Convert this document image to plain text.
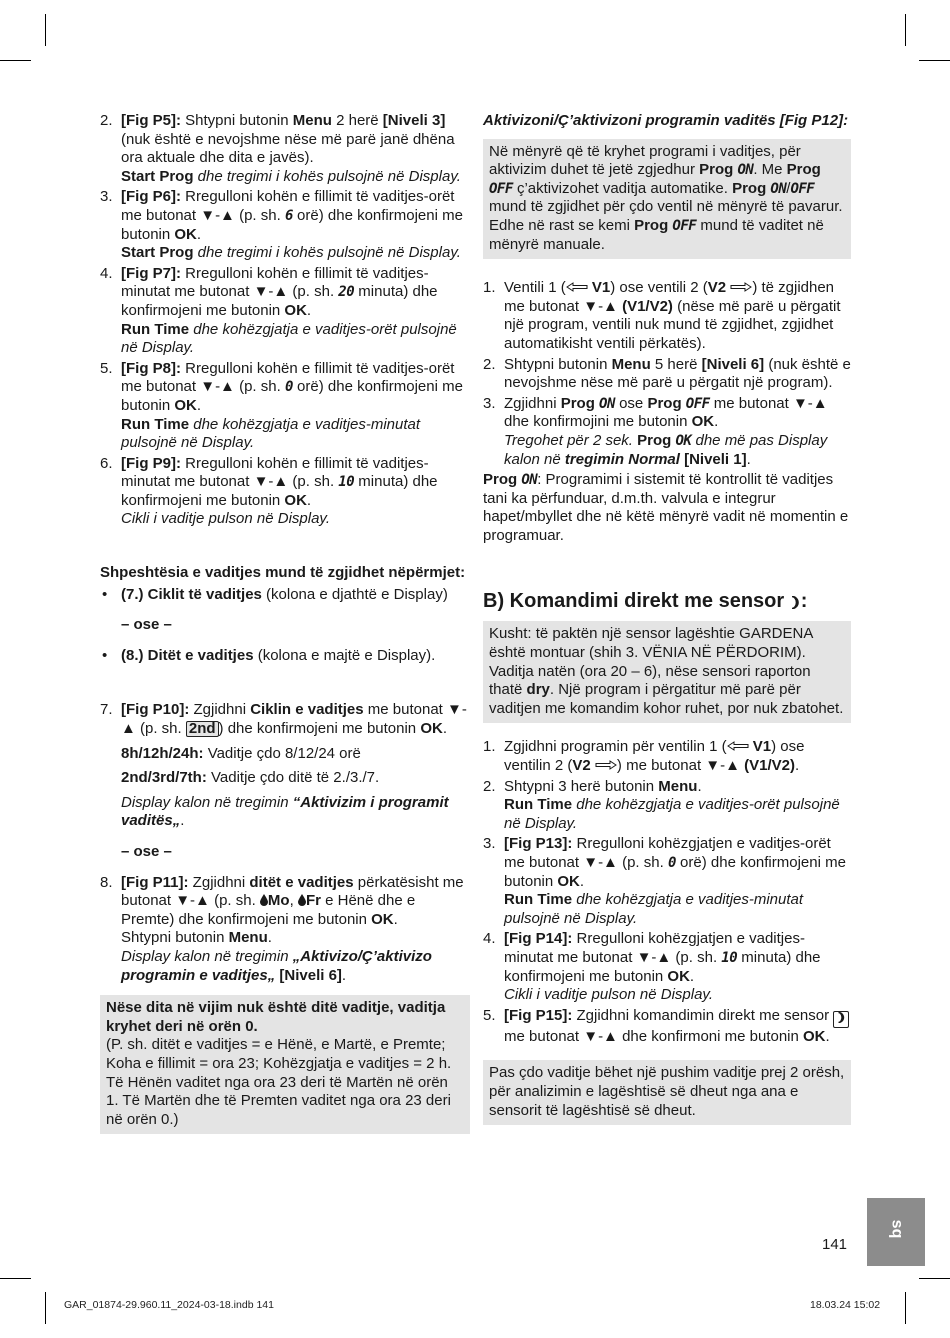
2. [Fig P5]: Shtypni butonin Menu 2 herë [Niveli 3] (nuk është e nevojshme nëse më parë janë dhëna ora aktuale dhe dita e javës).

Start Prog dhe tregimi i kohës pulsojnë në Display.

3. [Fig P6]: Rregulloni kohën e fillimit të vaditjes-orët me butonat ▼-▲ (p. sh. 6 orë) dhe konfirmojeni me butonin OK.

Start Prog dhe tregimi i kohës pulsojnë në Display.

4. [Fig P7]: Rregulloni kohën e fillimit të vaditjes-minutat me butonat ▼-▲ (p. sh. 20 minuta) dhe konfirmojeni me butonin OK.

Run Time dhe kohëzgjatja e vaditjes-orët pulsojnë në Display.

5. [Fig P8]: Rregulloni kohën e fillimit të vaditjes-orët me butonat ▼-▲ (p. sh. 0 orë) dhe konfirmojeni me butonin OK.

Run Time dhe kohëzgjatja e vaditjes-minutat pulsojnë në Display.

6. [Fig P9]: Rregulloni kohën e fillimit të vaditjes-minutat me butonat ▼-▲ (p. sh. 10 minuta) dhe konfirmojeni me butonin OK.

Cikli i vaditje pulson në Display.

Shpeshtësia e vaditjes mund të zgjidhet nëpërmjet:
• (7.) Ciklit të vaditjes (kolona e djathtë e Display)
– ose –
• (8.) Ditët e vaditjes (kolona e majtë e Display).
7. [Fig P10]: Zgjidhni Ciklin e vaditjes me butonat ▼-▲ (p. sh. 2nd ) dhe konfirmojeni me butonin OK.

8h/12h/24h: Vaditje çdo 8/12/24 orë

2nd/3rd/7th: Vaditje çdo ditë të 2./3./7.

Display kalon në tregimin “Aktivizim i programit vaditës„.

– ose –
8. [Fig P11]: Zgjidhni ditët e vaditjes përkatësisht me butonat ▼-▲ (p. sh. Mo, Fr e Hënë dhe e Premte) dhe konfirmojeni me butonin OK.

Shtypni butonin Menu.

Display kalon në tregimin „Aktivizo/Ç’aktivizo programin e vaditjes„ [Niveli 6].

Nëse dita në vijim nuk është ditë vaditje, vaditja kryhet deri në orën 0.
(P. sh. ditët e vaditjes = e Hënë, e Martë, e Premte; Koha e fillimit = ora 23; Kohëzgjatja e vaditjes = 2 h. Të Hënën vaditet nga ora 23 deri të Martën në orën 1. Të Martën dhe të Premten vaditet nga ora 23 deri në orën 0.)
Aktivizoni/Ç’aktivizoni programin vaditës [Fig P12]:
Në mënyrë që të kryhet programi i vaditjes, për aktivizim duhet të jetë zgjedhur Prog ON. Me Prog OFF ç’aktivizohet vaditja automatike. Prog ON/OFF mund të zgjidhet për çdo ventil në mënyrë të pavarur. Edhe në rast se kemi Prog OFF mund të vaditet në mënyrë manuale.
1. Ventili 1 ( V1) ose ventili 2 (V2 ) të zgjidhen me butonat ▼-▲ (V1/V2) (nëse më parë u përgatit një program, ventili nuk mund të zgjidhet, zgjidhet automatikisht ventili përkatës).

2. Shtypni butonin Menu 5 herë [Niveli 6] (nuk është e nevojshme nëse më parë u përgatit një program).

3. Zgjidhni Prog ON ose Prog OFF me butonat ▼-▲ dhe konfirmojini me butonin OK.

Tregohet për 2 sek. Prog OK dhe më pas Display kalon në tregimin Normal [Niveli 1].

Prog ON: Programimi i sistemit të kontrollit të vaditjes tani ka përfunduar, d.m.th. valvula e integrur hapet/mbyllet dhe në këtë mënyrë vadit në momentin e programuar.

B) Komandimi direkt me sensor :
Kusht: të paktën një sensor lagështie GARDENA është montuar (shih 3. VËNIA NË PËRDORIM). Vaditja natën (ora 20 – 6), nëse sensori raporton thatë dry. Një program i përgatitur më parë për vaditjen me komandim kohor ruhet, por nuk zbatohet.
1. Zgjidhni programin për ventilin 1 ( V1) ose ventilin 2 (V2 ) me butonat ▼-▲ (V1/V2).

2. Shtypni 3 herë butonin Menu.

Run Time dhe kohëzgjatja e vaditjes-orët pulsojnë në Display.

3. [Fig P13]: Rregulloni kohëzgjatjen e vaditjes-orët me butonat ▼-▲ (p. sh. 0 orë) dhe konfirmojeni me butonin OK.

Run Time dhe kohëzgjatja e vaditjes-minutat pulsojnë në Display.

4. [Fig P14]: Rregulloni kohëzgjatjen e vaditjes-minutat me butonat ▼-▲ (p. sh. 10 minuta) dhe konfirmojeni me butonin OK.

Cikli i vaditje pulson në Display.

5. [Fig P15]: Zgjidhni komandimin direkt me sensor  me butonat ▼-▲ dhe konfirmoni me butonin OK.

Pas çdo vaditje bëhet një pushim vaditje prej 2 orësh, për analizimin e lagështisë së dheut nga ana e sensorit të lagështisë së dheut.
sq
141
GAR_01874-29.960.11_2024-03-18.indb 141	18.03.24 15:02
